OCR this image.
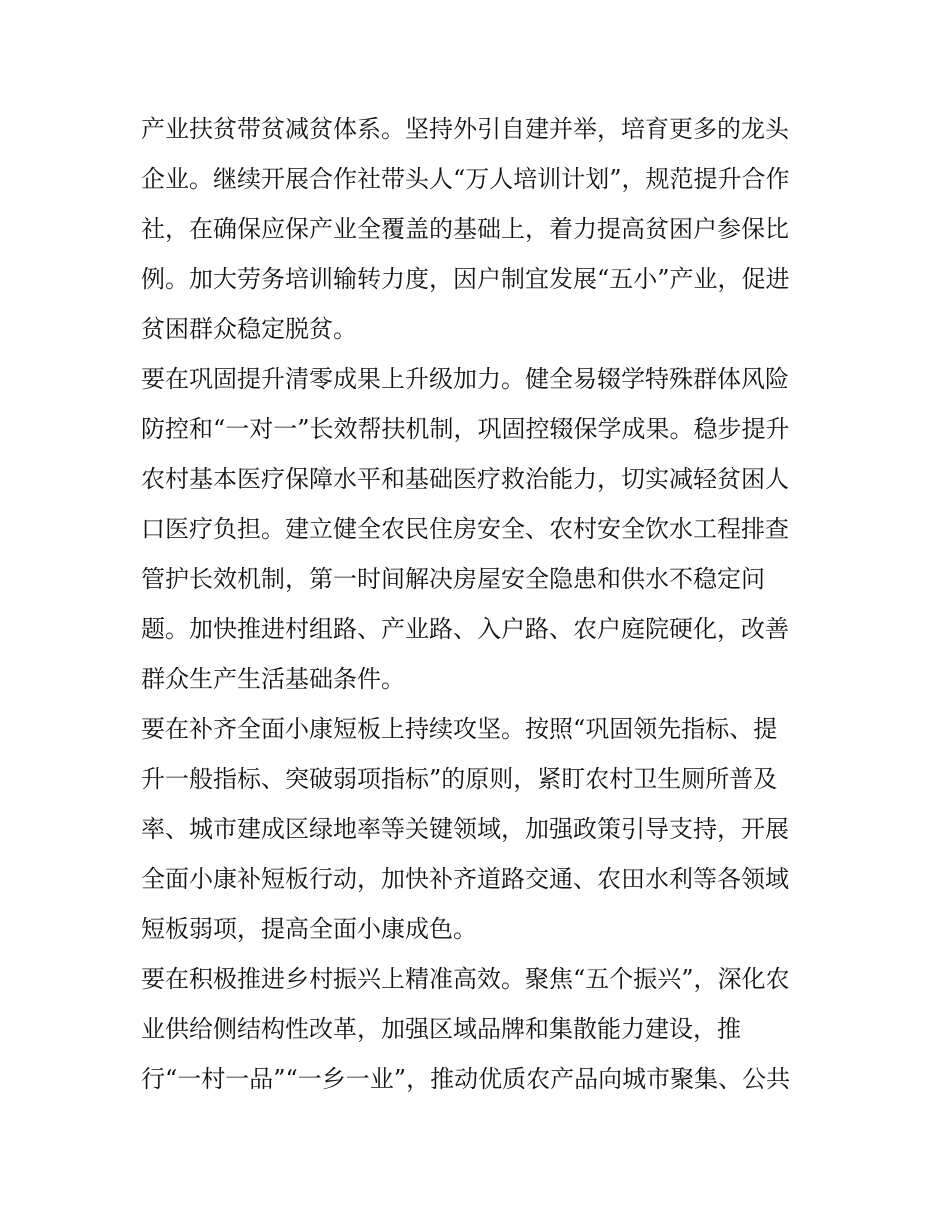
产业扶贫带贫减贫体系。坚持外引自建并举，培育更多的龙头

企业。继续开展合作社带头人“万人培训计划”，规范提升合作

社，在确保应保产业全覆盖的基础上，着力提高贫困户参保比

例。加大劳务培训输转力度，因户制宜发展“五小”产业，促进

贫困群众稳定脱贫。

要在巩固提升清零成果上升级加力。健全易辍学特殊群体风险

防控和“一对一”长效帮扶机制，巩固控辍保学成果。稳步提升

农村基本医疗保障水平和基础医疗救治能力，切实减轻贫困人

口医疗负担。建立健全农民住房安全、农村安全饮水工程排查

管护长效机制，第一时间解决房屋安全隐患和供水不稳定问

题。加快推进村组路、产业路、入户路、农户庭院硬化，改善

群众生产生活基础条件。

要在补齐全面小康短板上持续攻坚。按照“巩固领先指标、提

升一般指标、突破弱项指标”的原则，紧盯农村卫生厕所普及

率、城市建成区绿地率等关键领域，加强政策引导支持，开展

全面小康补短板行动，加快补齐道路交通、农田水利等各领域

短板弱项，提高全面小康成色。

要在积极推进乡村振兴上精准高效。聚焦“五个振兴”，深化农

业供给侧结构性改革，加强区域品牌和集散能力建设，推

行“一村一品”“一乡一业”，推动优质农产品向城市聚集、公共
